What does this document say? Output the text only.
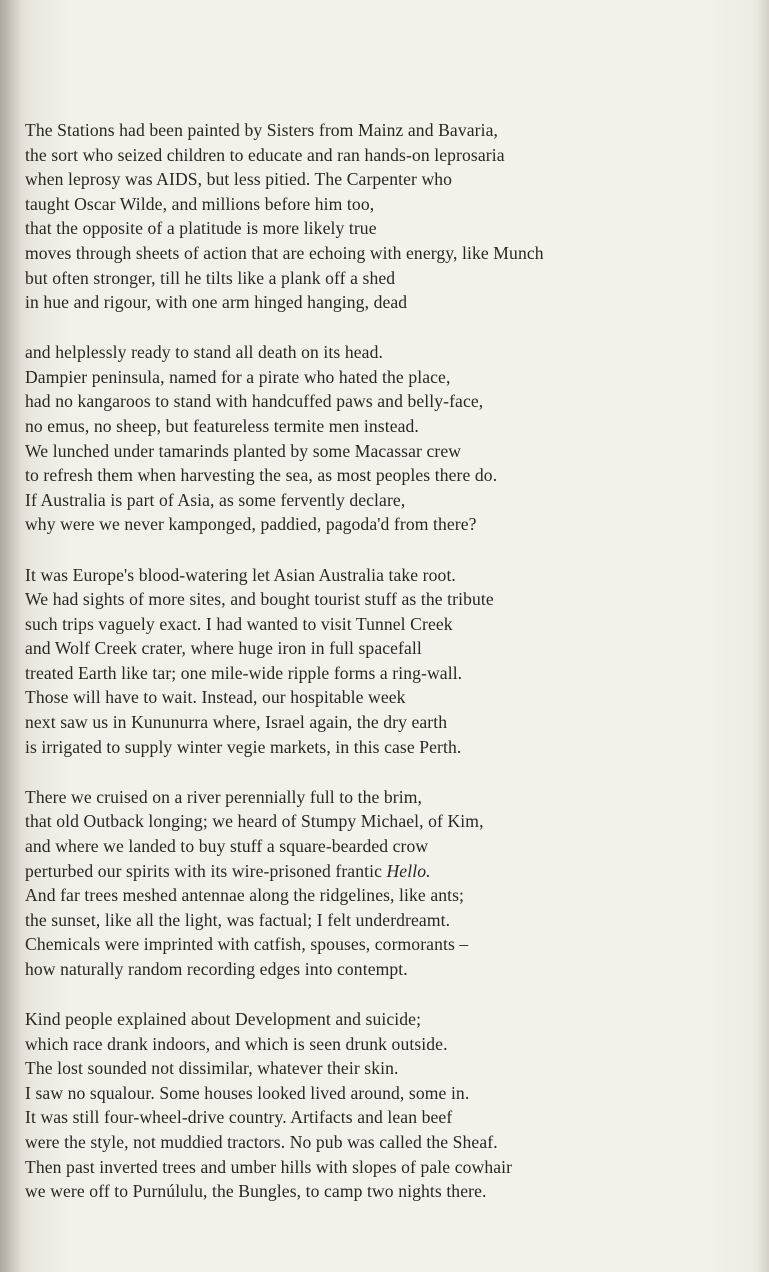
The Stations had been painted by Sisters from Mainz and Bavaria,
the sort who seized children to educate and ran hands-on leprosaria
when leprosy was AIDS, but less pitied. The Carpenter who
taught Oscar Wilde, and millions before him too,
that the opposite of a platitude is more likely true
moves through sheets of action that are echoing with energy, like Munch
but often stronger, till he tilts like a plank off a shed
in hue and rigour, with one arm hinged hanging, dead
and helplessly ready to stand all death on its head.
Dampier peninsula, named for a pirate who hated the place,
had no kangaroos to stand with handcuffed paws and belly-face,
no emus, no sheep, but featureless termite men instead.
We lunched under tamarinds planted by some Macassar crew
to refresh them when harvesting the sea, as most peoples there do.
If Australia is part of Asia, as some fervently declare,
why were we never kamponged, paddied, pagoda'd from there?
It was Europe's blood-watering let Asian Australia take root.
We had sights of more sites, and bought tourist stuff as the tribute
such trips vaguely exact. I had wanted to visit Tunnel Creek
and Wolf Creek crater, where huge iron in full spacefall
treated Earth like tar; one mile-wide ripple forms a ring-wall.
Those will have to wait. Instead, our hospitable week
next saw us in Kununurra where, Israel again, the dry earth
is irrigated to supply winter vegie markets, in this case Perth.
There we cruised on a river perennially full to the brim,
that old Outback longing; we heard of Stumpy Michael, of Kim,
and where we landed to buy stuff a square-bearded crow
perturbed our spirits with its wire-prisoned frantic Hello.
And far trees meshed antennae along the ridgelines, like ants;
the sunset, like all the light, was factual; I felt underdreamt.
Chemicals were imprinted with catfish, spouses, cormorants –
how naturally random recording edges into contempt.
Kind people explained about Development and suicide;
which race drank indoors, and which is seen drunk outside.
The lost sounded not dissimilar, whatever their skin.
I saw no squalour. Some houses looked lived around, some in.
It was still four-wheel-drive country. Artifacts and lean beef
were the style, not muddied tractors. No pub was called the Sheaf.
Then past inverted trees and umber hills with slopes of pale cowhair
we were off to Purnúlulu, the Bungles, to camp two nights there.
